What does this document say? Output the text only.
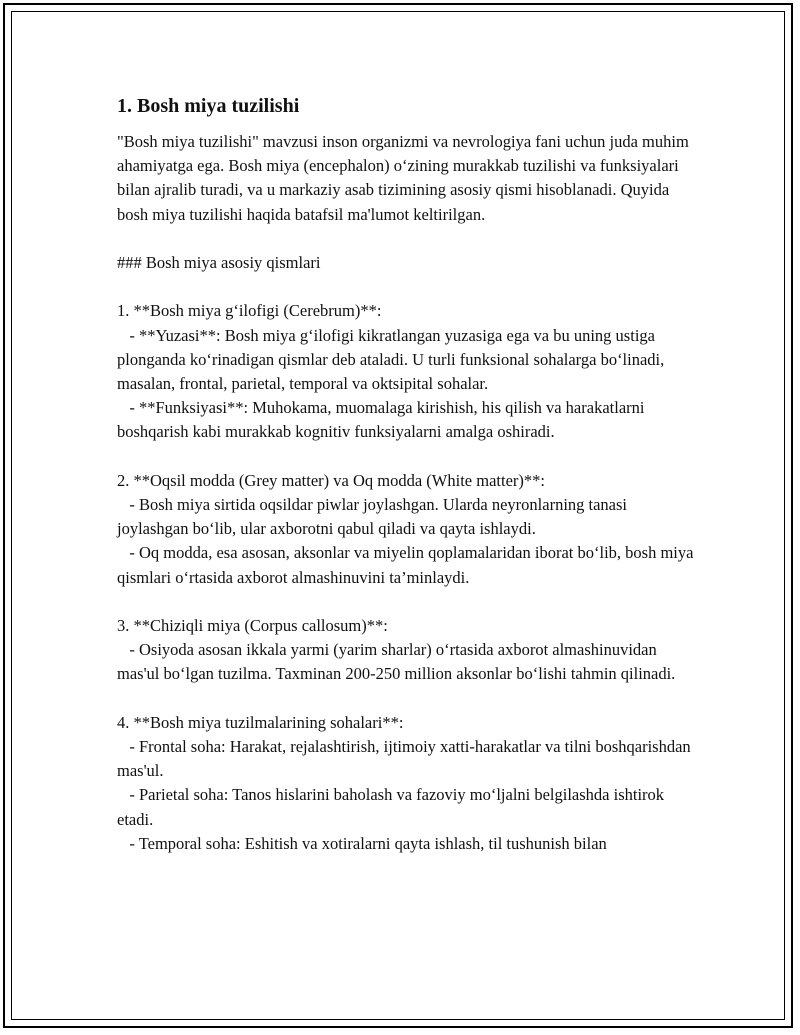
1. Bosh miya tuzilishi

"Bosh miya tuzilishi" mavzusi inson organizmi va nevrologiya fani uchun juda muhim ahamiyatga ega. Bosh miya (encephalon) o‘zining murakkab tuzilishi va funksiyalari bilan ajralib turadi, va u markaziy asab tizimining asosiy qismi hisoblanadi. Quyida bosh miya tuzilishi haqida batafsil ma'lumot keltirilgan.

### Bosh miya asosiy qismlari

1. **Bosh miya g‘ilofigi (Cerebrum)**:

- **Yuzasi**: Bosh miya g‘ilofigi kikratlangan yuzasiga ega va bu uning ustiga plonganda ko‘rinadigan qismlar deb ataladi. U turli funksional sohalarga bo‘linadi, masalan, frontal, parietal, temporal va oktsipital sohalar.

- **Funksiyasi**: Muhokama, muomalaga kirishish, his qilish va harakatlarni boshqarish kabi murakkab kognitiv funksiyalarni amalga oshiradi.

2. **Oqsil modda (Grey matter) va Oq modda (White matter)**:

- Bosh miya sirtida oqsildar piwlar joylashgan. Ularda neyronlarning tanasi joylashgan bo‘lib, ular axborotni qabul qiladi va qayta ishlaydi.

- Oq modda, esa asosan, aksonlar va miyelin qoplamalaridan iborat bo‘lib, bosh miya qismlari o‘rtasida axborot almashinuvini ta’minlaydi.

3. **Chiziqli miya (Corpus callosum)**:

- Osiyoda asosan ikkala yarmi (yarim sharlar) o‘rtasida axborot almashinuvidan mas'ul bo‘lgan tuzilma. Taxminan 200-250 million aksonlar bo‘lishi tahmin qilinadi.

4. **Bosh miya tuzilmalarining sohalari**:

- Frontal soha: Harakat, rejalashtirish, ijtimoiy xatti-harakatlar va tilni boshqarishdan mas'ul.

- Parietal soha: Tanos hislarini baholash va fazoviy mo‘ljalni belgilashda ishtirok etadi.

- Temporal soha: Eshitish va xotiralarni qayta ishlash, til tushunish bilan
